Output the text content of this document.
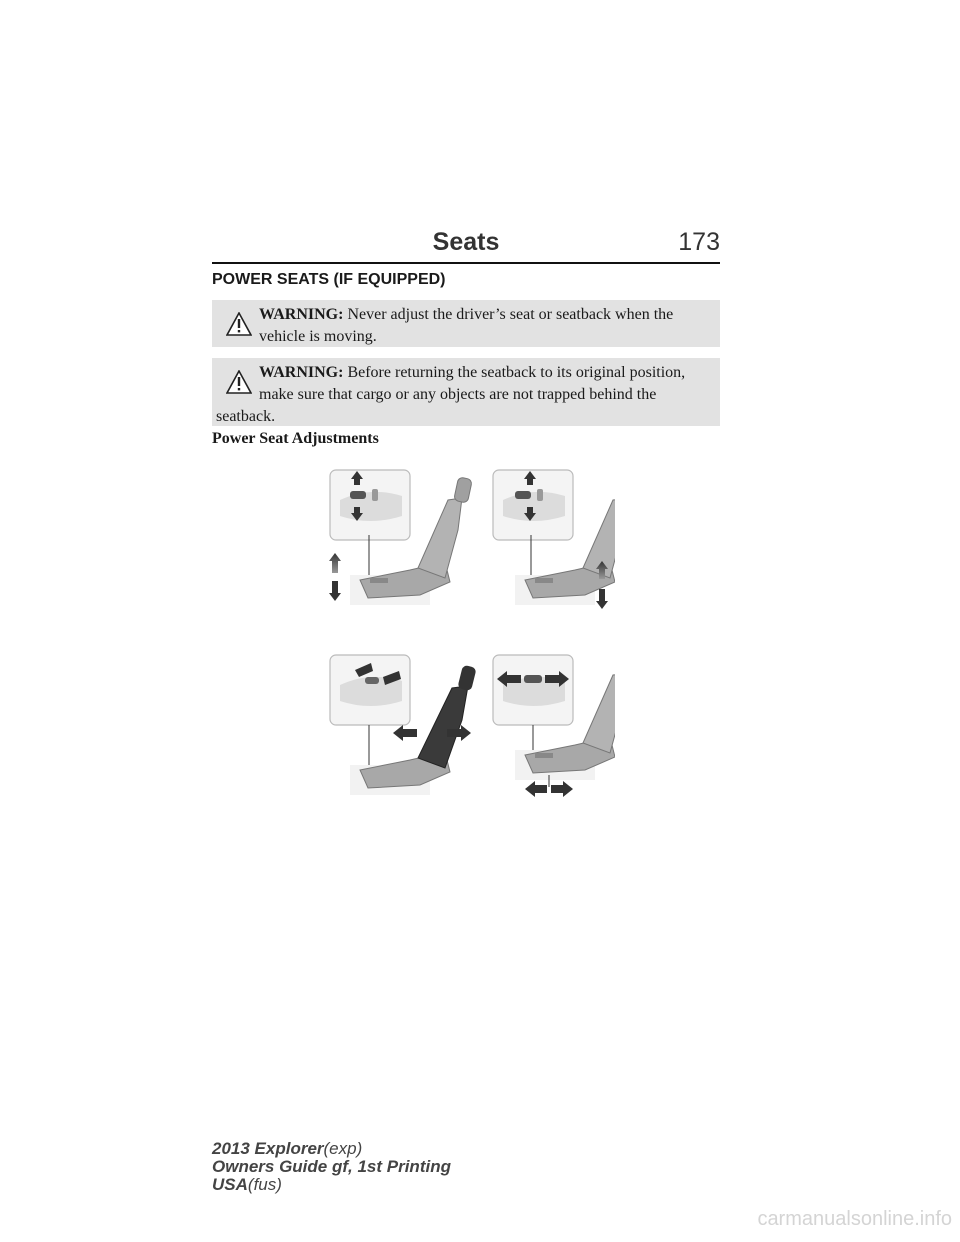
Seats	173
POWER SEATS (IF EQUIPPED)
WARNING: Never adjust the driver’s seat or seatback when the
vehicle is moving.
WARNING: Before returning the seatback to its original position,
make sure that cargo or any objects are not trapped behind the
seatback.
Power Seat Adjustments
2013 Explorer(exp)
Owners Guide gf, 1st Printing
USA(fus)
carmanualsonline.info
